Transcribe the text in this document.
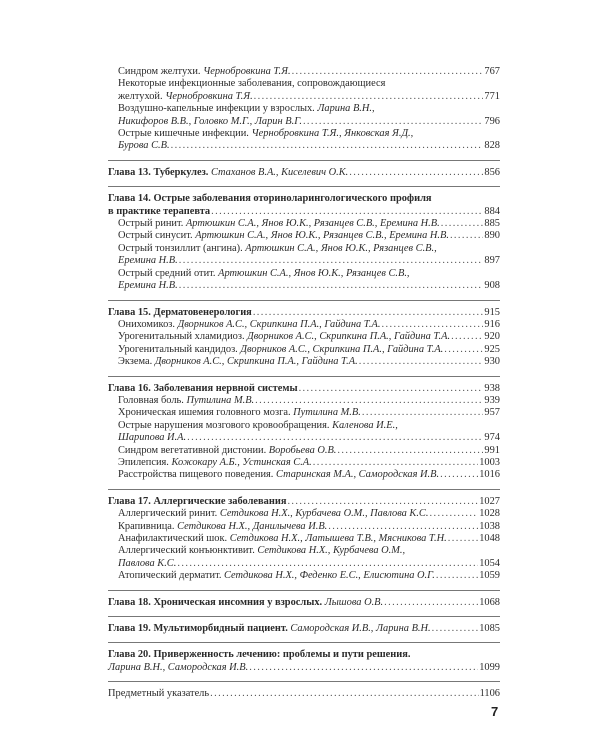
Синдром желтухи. Чернобровкина Т.Я. . . .	767
Некоторые инфекционные заболевания, сопровождающиеся
желтухой. Чернобровкина Т.Я. . . .	771
Воздушно-капельные инфекции у взрослых. Ларина В.Н.,
Никифоров В.В., Головко М.Г., Ларин В.Г. . . .	796
Острые кишечные инфекции. Чернобровкина Т.Я., Янковская Я.Д.,
Бурова С.В. . . .	828
Глава 13. Туберкулез. Стаханов В.А., Киселевич О.К. . . .	856
Глава 14. Острые заболевания оториноларингологического профиля
в практике терапевта . . .	884
Острый ринит. Артюшкин С.А., Янов Ю.К., Рязанцев С.В., Еремина Н.В. . . .	885
Острый синусит. Артюшкин С.А., Янов Ю.К., Рязанцев С.В., Еремина Н.В. . . .	890
Острый тонзиллит (ангина). Артюшкин С.А., Янов Ю.К., Рязанцев С.В.,
Еремина Н.В. . . .	897
Острый средний отит. Артюшкин С.А., Янов Ю.К., Рязанцев С.В.,
Еремина Н.В. . . .	908
Глава 15. Дерматовенерология . . .	915
Онихомикоз. Дворников А.С., Скрипкина П.А., Гайдина Т.А. . . .	916
Урогенитальный хламидиоз. Дворников А.С., Скрипкина П.А., Гайдина Т.А. . . .	920
Урогенитальный кандидоз. Дворников А.С., Скрипкина П.А., Гайдина Т.А. . . .	925
Экзема. Дворников А.С., Скрипкина П.А., Гайдина Т.А. . . .	930
Глава 16. Заболевания нервной системы . . .	938
Головная боль. Путилина М.В. . . .	939
Хроническая ишемия головного мозга. Путилина М.В. . . .	957
Острые нарушения мозгового кровообращения. Каленова И.Е.,
Шарипова И.А. . . .	974
Синдром вегетативной дистонии. Воробьева О.В. . . .	991
Эпилепсия. Кожокару А.Б., Устинская С.А. . . .	1003
Расстройства пищевого поведения. Старинская М.А., Самородская И.В. . . .	1016
Глава 17. Аллергические заболевания . . .	1027
Аллергический ринит. Сетдикова Н.Х., Курбачева О.М., Павлова К.С. . . .	1028
Крапивница. Сетдикова Н.Х., Данилычева И.В. . . .	1038
Анафилактический шок. Сетдикова Н.Х., Латышева Т.В., Мясникова Т.Н. . . .	1048
Аллергический конъюнктивит. Сетдикова Н.Х., Курбачева О.М.,
Павлова К.С. . . .	1054
Атопический дерматит. Сетдикова Н.Х., Феденко Е.С., Елисютина О.Г. . . .	1059
Глава 18. Хроническая инсомния у взрослых. Лышова О.В. . . .	1068
Глава 19. Мультиморбидный пациент. Самородская И.В., Ларина В.Н. . . .	1085
Глава 20. Приверженность лечению: проблемы и пути решения.
Ларина В.Н., Самородская И.В. . . .	1099
Предметный указатель . . .	1106
7
